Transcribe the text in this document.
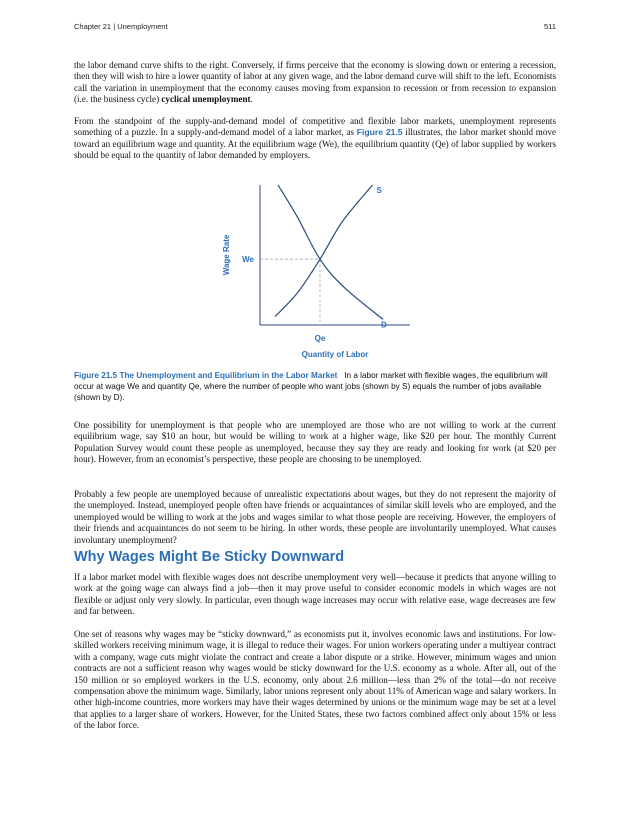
Chapter 21 | Unemployment	511

the labor demand curve shifts to the right. Conversely, if firms perceive that the economy is slowing down or entering a recession, then they will wish to hire a lower quantity of labor at any given wage, and the labor demand curve will shift to the left. Economists call the variation in unemployment that the economy causes moving from expansion to recession or from recession to expansion (i.e. the business cycle) cyclical unemployment.

From the standpoint of the supply-and-demand model of competitive and flexible labor markets, unemployment represents something of a puzzle. In a supply-and-demand model of a labor market, as Figure 21.5 illustrates, the labor market should move toward an equilibrium wage and quantity. At the equilibrium wage (We), the equilibrium quantity (Qe) of labor supplied by workers should be equal to the quantity of labor demanded by employers.

S
D
We
Qe
Quantity of Labor
Wage Rate

Figure 21.5 The Unemployment and Equilibrium in the Labor Market In a labor market with flexible wages, the equilibrium will occur at wage We and quantity Qe, where the number of people who want jobs (shown by S) equals the number of jobs available (shown by D).

One possibility for unemployment is that people who are unemployed are those who are not willing to work at the current equilibrium wage, say $10 an hour, but would be willing to work at a higher wage, like $20 per hour. The monthly Current Population Survey would count these people as unemployed, because they say they are ready and looking for work (at $20 per hour). However, from an economist’s perspective, these people are choosing to be unemployed.

Probably a few people are unemployed because of unrealistic expectations about wages, but they do not represent the majority of the unemployed. Instead, unemployed people often have friends or acquaintances of similar skill levels who are employed, and the unemployed would be willing to work at the jobs and wages similar to what those people are receiving. However, the employers of their friends and acquaintances do not seem to be hiring. In other words, these people are involuntarily unemployed. What causes involuntary unemployment?

Why Wages Might Be Sticky Downward

If a labor market model with flexible wages does not describe unemployment very well—because it predicts that anyone willing to work at the going wage can always find a job—then it may prove useful to consider economic models in which wages are not flexible or adjust only very slowly. In particular, even though wage increases may occur with relative ease, wage decreases are few and far between.

One set of reasons why wages may be “sticky downward,” as economists put it, involves economic laws and institutions. For low-skilled workers receiving minimum wage, it is illegal to reduce their wages. For union workers operating under a multiyear contract with a company, wage cuts might violate the contract and create a labor dispute or a strike. However, minimum wages and union contracts are not a sufficient reason why wages would be sticky downward for the U.S. economy as a whole. After all, out of the 150 million or so employed workers in the U.S. economy, only about 2.6 million—less than 2% of the total—do not receive compensation above the minimum wage. Similarly, labor unions represent only about 11% of American wage and salary workers. In other high-income countries, more workers may have their wages determined by unions or the minimum wage may be set at a level that applies to a larger share of workers. However, for the United States, these two factors combined affect only about 15% or less of the labor force.
